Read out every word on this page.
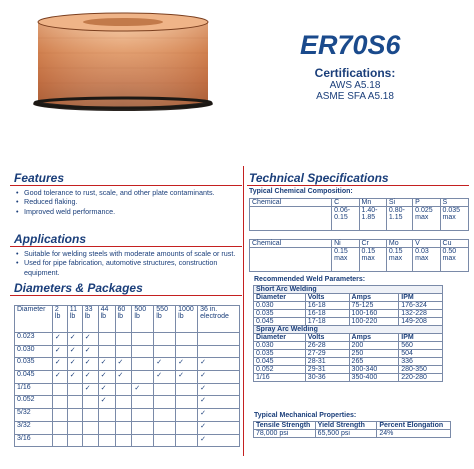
ER70S6
Certifications:
AWS A5.18
ASME SFA A5.18
Features
• Good tolerance to rust, scale, and other plate contaminants.
• Reduced flaking.
• Improved weld performance.
Applications
• Suitable for welding steels with moderate amounts of scale or rust.
• Used for pipe fabrication, automotive structures, construction equipment.
Diameters & Packages
Diameter	2 lb	11 lb	33 lb	44 lb	60 lb	500 lb	550 lb	1000 lb	36 in. electrode
0.023	✓	✓	✓						
0.030	✓	✓	✓						
0.035	✓	✓	✓	✓	✓		✓	✓	✓
0.045	✓	✓	✓	✓	✓		✓	✓	✓
1/16			✓	✓		✓			✓
0.052				✓					✓
5/32									✓
3/32									✓
3/16									✓
Technical Specifications
Typical Chemical Composition:
Chemical	C	Mn	Si	P	S
	0.06-0.15	1.40-1.85	0.80-1.15	0.025 max	0.035 max
Chemical	Ni	Cr	Mo	V	Cu
	0.15 max	0.15 max	0.15 max	0.03 max	0.50 max
Recommended Weld Parameters:
Short Arc Welding			
Diameter	Volts	Amps	IPM
0.030	16-18	75-125	176-324
0.035	16-18	100-160	132-228
0.045	17-18	100-220	149-208
Spray Arc Welding			
Diameter	Volts	Amps	IPM
0.030	26-28	200	560
0.035	27-29	250	504
0.045	28-31	265	336
0.052	29-31	300-340	280-350
1/16	30-36	350-400	220-280
Typical Mechanical Properties:
Tensile Strength	Yield Strength	Percent Elongation
78,000 psi	65,500 psi	24%
